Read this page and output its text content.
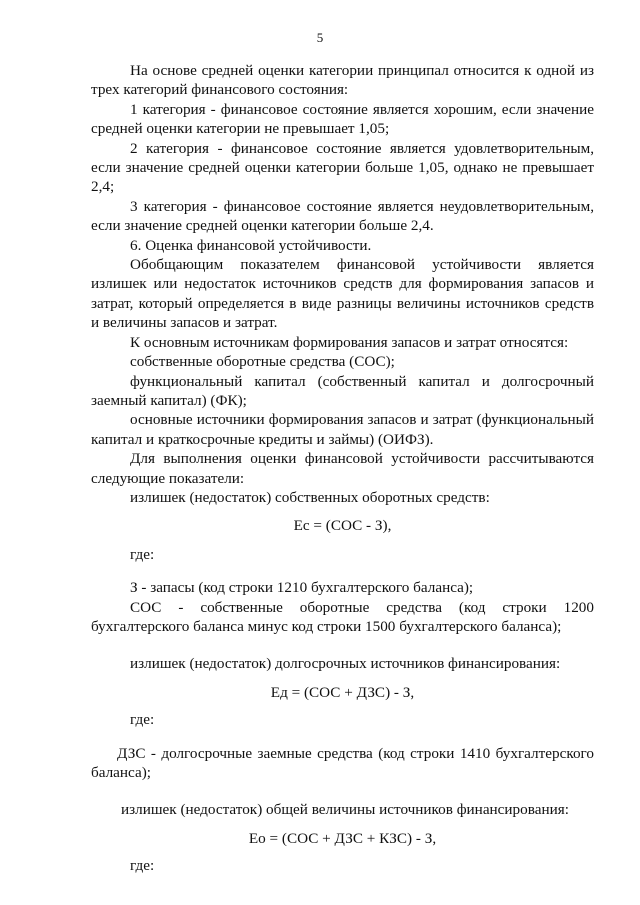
5

На основе средней оценки категории принципал относится к одной из трех категорий финансового состояния:

1 категория - финансовое состояние является хорошим, если значение средней оценки категории не превышает 1,05;

2 категория - финансовое состояние является удовлетворительным, если значение средней оценки категории больше 1,05, однако не превышает 2,4;

3 категория - финансовое состояние является неудовлетворительным, если значение средней оценки категории больше 2,4.

6. Оценка финансовой устойчивости.

Обобщающим показателем финансовой устойчивости является излишек или недостаток источников средств для формирования запасов и затрат, который определяется в виде разницы величины источников средств и величины запасов и затрат.

К основным источникам формирования запасов и затрат относятся:

собственные оборотные средства (СОС);

функциональный капитал (собственный капитал и долгосрочный заемный капитал) (ФК);

основные источники формирования запасов и затрат (функциональный капитал и краткосрочные кредиты и займы) (ОИФЗ).

Для выполнения оценки финансовой устойчивости рассчитываются следующие показатели:

излишек (недостаток) собственных оборотных средств:

Ес = (СОС - З),

где:

З - запасы (код строки 1210 бухгалтерского баланса);

СОС - собственные оборотные средства (код строки 1200 бухгалтерского баланса минус код строки 1500 бухгалтерского баланса);

излишек (недостаток) долгосрочных источников финансирования:

Ед = (СОС + ДЗС) - З,

где:

ДЗС - долгосрочные заемные средства (код строки 1410 бухгалтерского баланса);

излишек (недостаток) общей величины источников финансирования:

Ео = (СОС + ДЗС + КЗС) - З,

где:
